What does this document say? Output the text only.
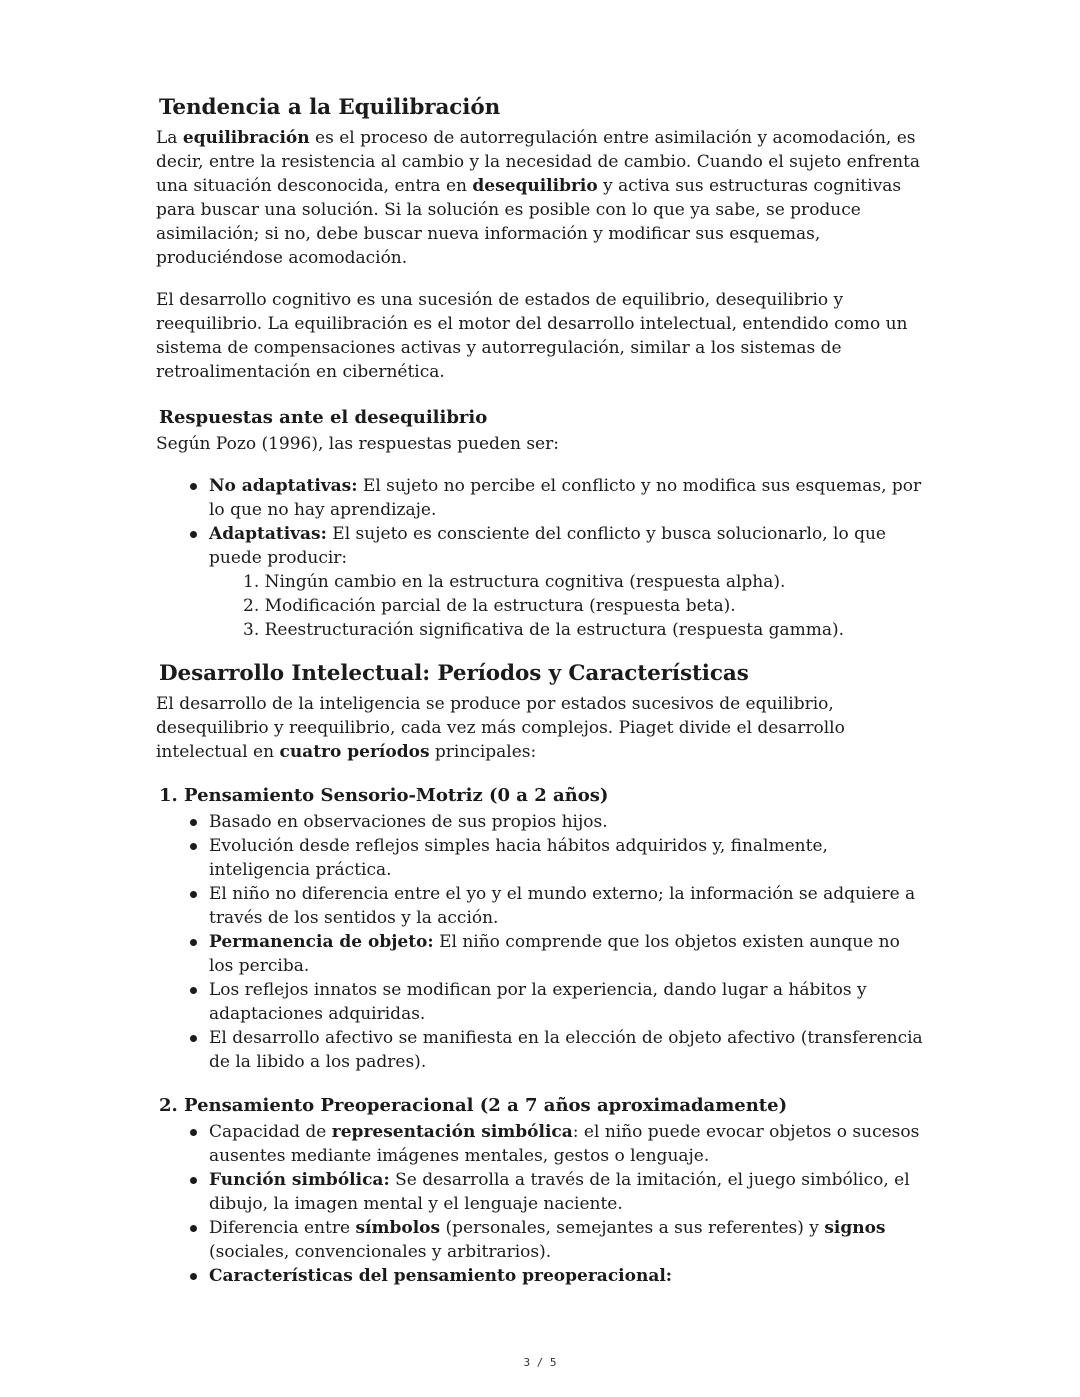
Tendencia a la Equilibración

La equilibración es el proceso de autorregulación entre asimilación y acomodación, es decir, entre la resistencia al cambio y la necesidad de cambio. Cuando el sujeto enfrenta una situación desconocida, entra en desequilibrio y activa sus estructuras cognitivas para buscar una solución. Si la solución es posible con lo que ya sabe, se produce asimilación; si no, debe buscar nueva información y modificar sus esquemas, produciéndose acomodación.

El desarrollo cognitivo es una sucesión de estados de equilibrio, desequilibrio y reequilibrio. La equilibración es el motor del desarrollo intelectual, entendido como un sistema de compensaciones activas y autorregulación, similar a los sistemas de retroalimentación en cibernética.

Respuestas ante el desequilibrio

Según Pozo (1996), las respuestas pueden ser:

No adaptativas: El sujeto no percibe el conflicto y no modifica sus esquemas, por lo que no hay aprendizaje.
Adaptativas: El sujeto es consciente del conflicto y busca solucionarlo, lo que puede producir:
1. Ningún cambio en la estructura cognitiva (respuesta alpha).
2. Modificación parcial de la estructura (respuesta beta).
3. Reestructuración significativa de la estructura (respuesta gamma).
Desarrollo Intelectual: Períodos y Características

El desarrollo de la inteligencia se produce por estados sucesivos de equilibrio, desequilibrio y reequilibrio, cada vez más complejos. Piaget divide el desarrollo intelectual en cuatro períodos principales:

1. Pensamiento Sensorio-Motriz (0 a 2 años)
Basado en observaciones de sus propios hijos.
Evolución desde reflejos simples hacia hábitos adquiridos y, finalmente, inteligencia práctica.
El niño no diferencia entre el yo y el mundo externo; la información se adquiere a través de los sentidos y la acción.
Permanencia de objeto: El niño comprende que los objetos existen aunque no los perciba.
Los reflejos innatos se modifican por la experiencia, dando lugar a hábitos y adaptaciones adquiridas.
El desarrollo afectivo se manifiesta en la elección de objeto afectivo (transferencia de la libido a los padres).
2. Pensamiento Preoperacional (2 a 7 años aproximadamente)
Capacidad de representación simbólica: el niño puede evocar objetos o sucesos ausentes mediante imágenes mentales, gestos o lenguaje.
Función simbólica: Se desarrolla a través de la imitación, el juego simbólico, el dibujo, la imagen mental y el lenguaje naciente.
Diferencia entre símbolos (personales, semejantes a sus referentes) y signos (sociales, convencionales y arbitrarios).
Características del pensamiento preoperacional:
3 / 5
